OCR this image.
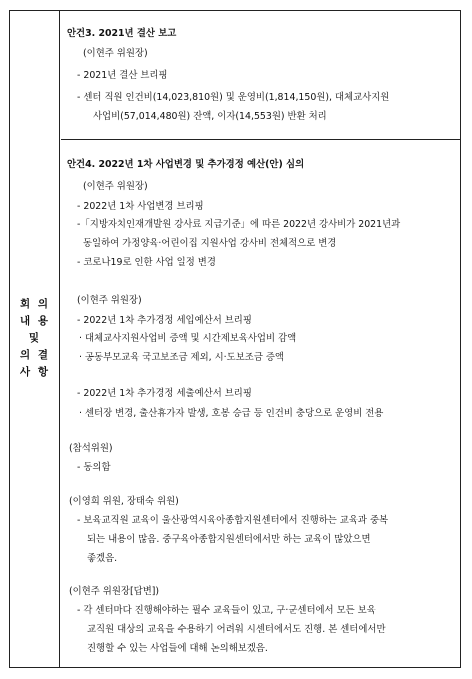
회 의
내 용
및
의 결
사 항
안건3. 2021년 결산 보고
(이현주 위원장)
- 2021년 결산 브리핑
- 센터 직원 인건비(14,023,810원) 및 운영비(1,814,150원), 대체교사지원
사업비(57,014,480원) 잔액, 이자(14,553원) 반환 처리
안건4. 2022년 1차 사업변경 및 추가경정 예산(안) 심의
(이현주 위원장)
- 2022년 1차 사업변경 브리핑
-「지방자치인재개발원 강사료 지급기준」에 따른 2022년 강사비가 2021년과
동일하여 가정양육·어린이집 지원사업 강사비 전체적으로 변경
- 코로나19로 인한 사업 일정 변경
(이현주 위원장)
- 2022년 1차 추가경정 세입예산서 브리핑
· 대체교사지원사업비 증액 및 시간제보육사업비 감액
· 공동부모교육 국고보조금 제외, 시·도보조금 증액
- 2022년 1차 추가경정 세출예산서 브리핑
· 센터장 변경, 출산휴가자 발생, 호봉 승급 등 인건비 충당으로 운영비 전용
(참석위원)
- 동의함
(이영희 위원, 장태숙 위원)
- 보육교직원 교육이 울산광역시육아종합지원센터에서 진행하는 교육과 중복
되는 내용이 많음. 중구육아종합지원센터에서만 하는 교육이 많았으면
좋겠음.
(이현주 위원장[답변])
- 각 센터마다 진행해야하는 필수 교육들이 있고, 구·군센터에서 모든 보육
교직원 대상의 교육을 수용하기 어려워 시센터에서도 진행. 본 센터에서만
진행할 수 있는 사업들에 대해 논의해보겠음.
